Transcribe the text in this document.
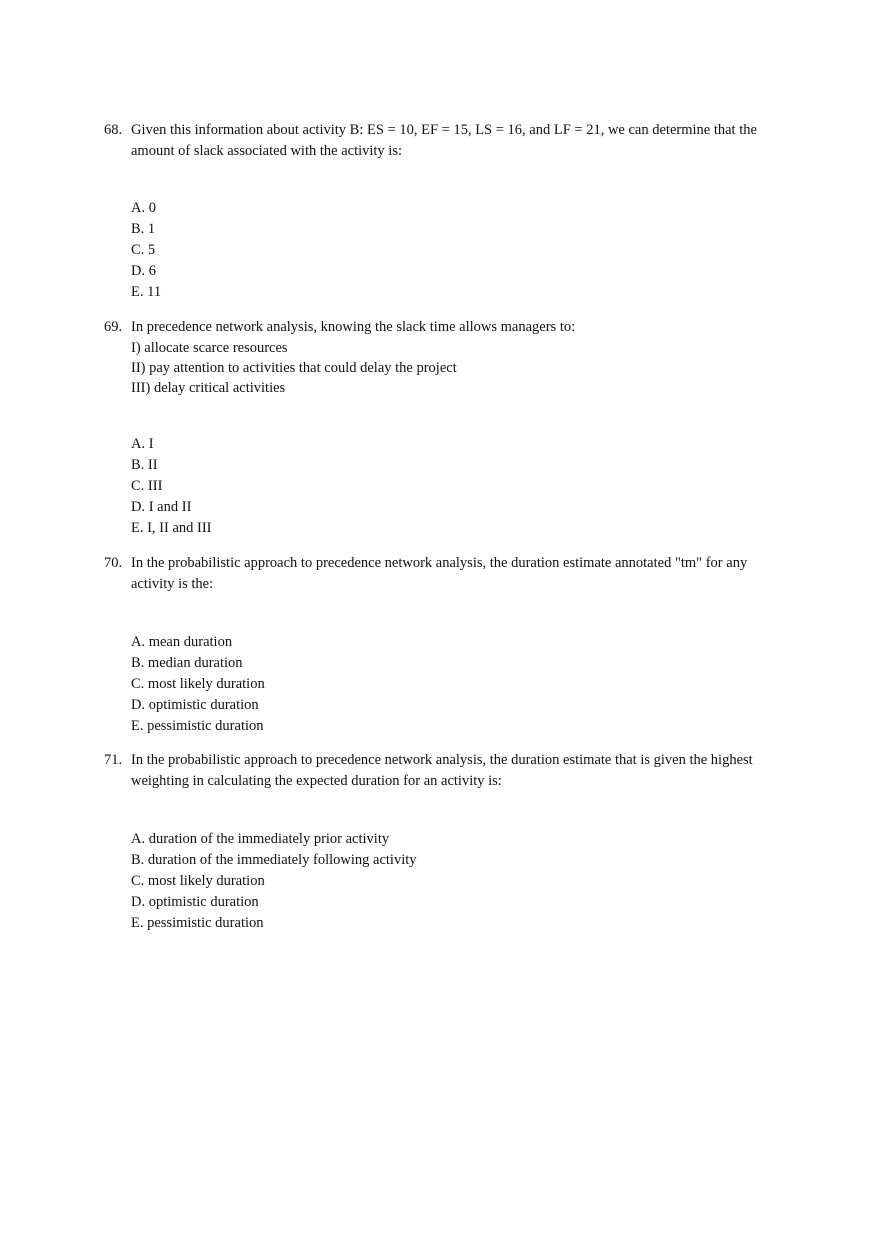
68. Given this information about activity B: ES = 10, EF = 15, LS = 16, and LF = 21, we can determine that the amount of slack associated with the activity is:
A. 0
B. 1
C. 5
D. 6
E. 11
69. In precedence network analysis, knowing the slack time allows managers to:
I) allocate scarce resources
II) pay attention to activities that could delay the project
III) delay critical activities
A. I
B. II
C. III
D. I and II
E. I, II and III
70. In the probabilistic approach to precedence network analysis, the duration estimate annotated "tm" for any activity is the:
A. mean duration
B. median duration
C. most likely duration
D. optimistic duration
E. pessimistic duration
71. In the probabilistic approach to precedence network analysis, the duration estimate that is given the highest weighting in calculating the expected duration for an activity is:
A. duration of the immediately prior activity
B. duration of the immediately following activity
C. most likely duration
D. optimistic duration
E. pessimistic duration
